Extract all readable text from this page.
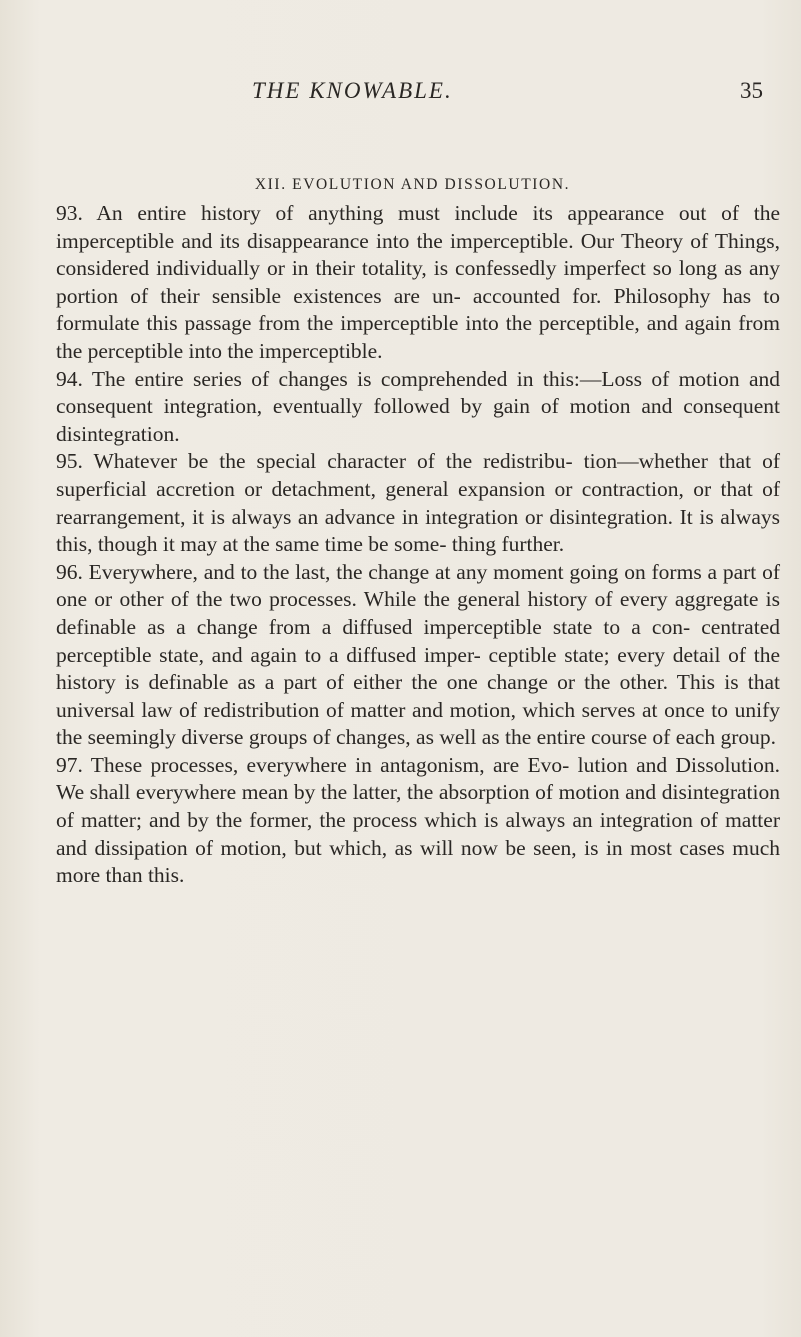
THE KNOWABLE.	35
XII. EVOLUTION AND DISSOLUTION.

93. An entire history of anything must include its appearance out of the imperceptible and its disappearance into the imperceptible. Our Theory of Things, considered individually or in their totality, is confessedly imperfect so long as any portion of their sensible existences are un- accounted for. Philosophy has to formulate this passage from the imperceptible into the perceptible, and again from the perceptible into the imperceptible.

94. The entire series of changes is comprehended in this:—Loss of motion and consequent integration, eventually followed by gain of motion and consequent disintegration.

95. Whatever be the special character of the redistribu- tion—whether that of superficial accretion or detachment, general expansion or contraction, or that of rearrangement, it is always an advance in integration or disintegration. It is always this, though it may at the same time be some- thing further.

96. Everywhere, and to the last, the change at any moment going on forms a part of one or other of the two processes. While the general history of every aggregate is definable as a change from a diffused imperceptible state to a con- centrated perceptible state, and again to a diffused imper- ceptible state; every detail of the history is definable as a part of either the one change or the other. This is that universal law of redistribution of matter and motion, which serves at once to unify the seemingly diverse groups of changes, as well as the entire course of each group.

97. These processes, everywhere in antagonism, are Evo- lution and Dissolution. We shall everywhere mean by the latter, the absorption of motion and disintegration of matter; and by the former, the process which is always an integration of matter and dissipation of motion, but which, as will now be seen, is in most cases much more than this.
